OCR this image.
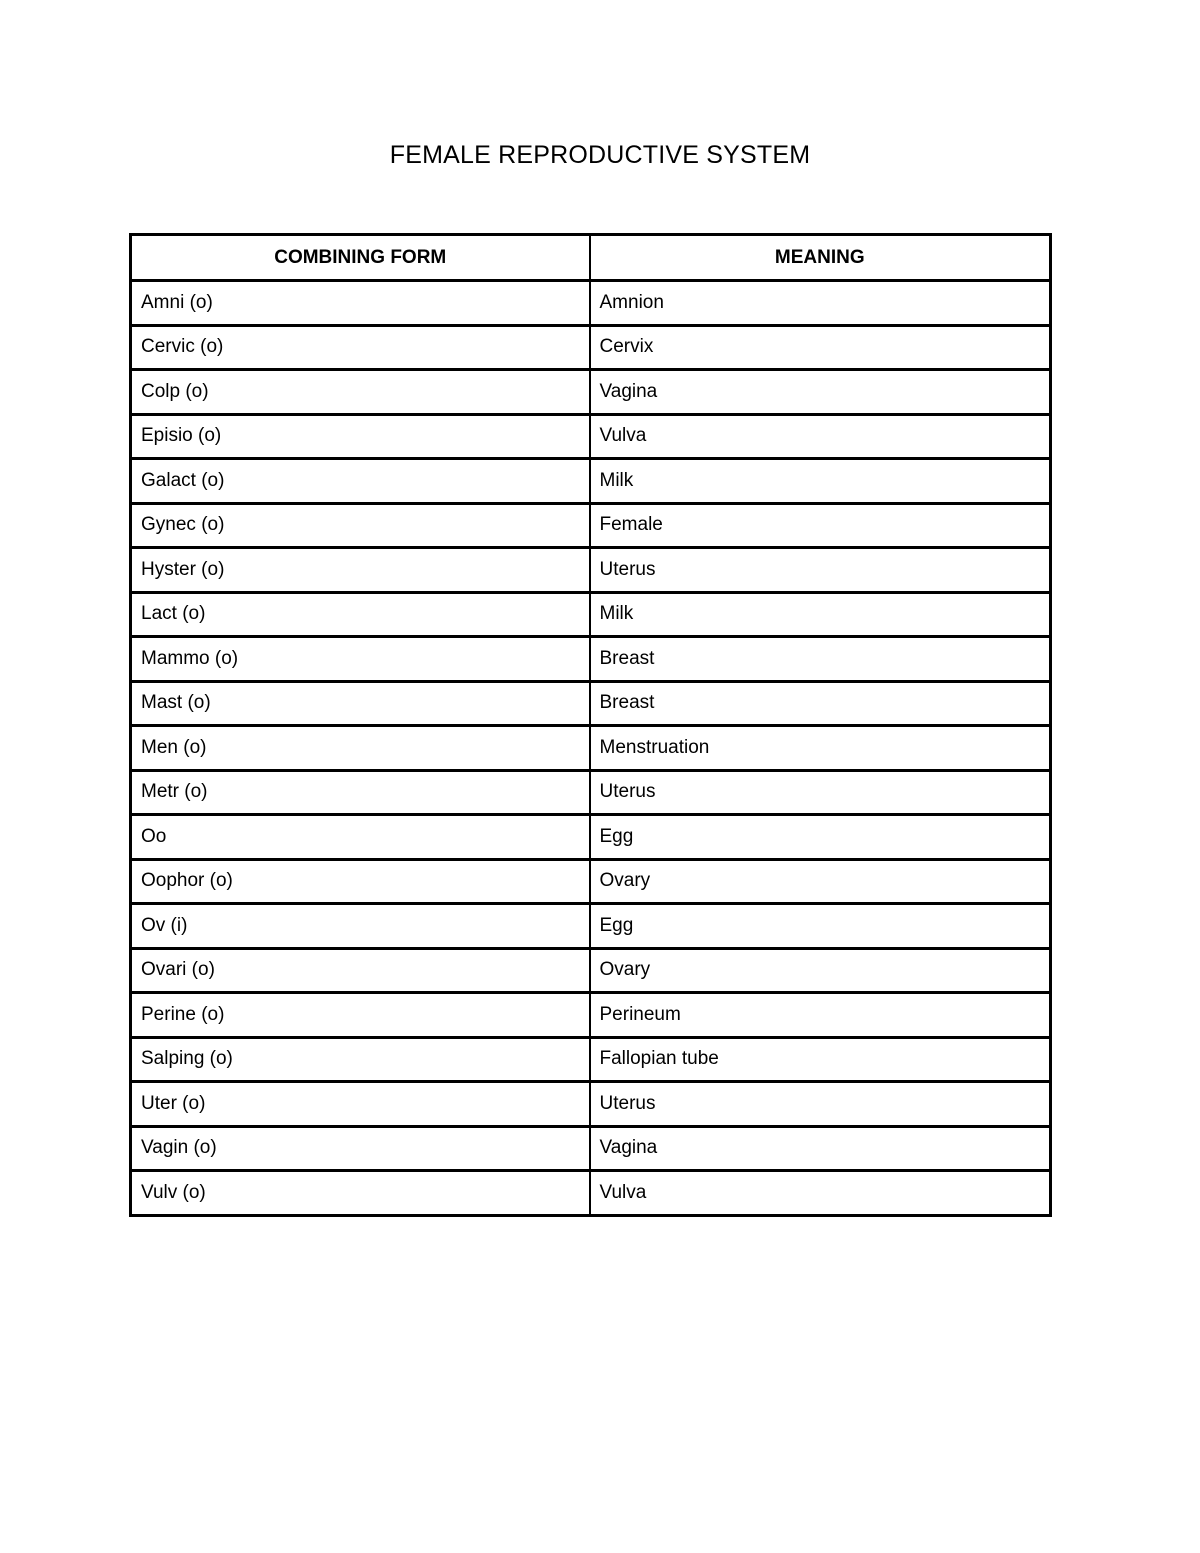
FEMALE REPRODUCTIVE SYSTEM
COMBINING FORM	MEANING
Amni (o)	Amnion
Cervic (o)	Cervix
Colp (o)	Vagina
Episio (o)	Vulva
Galact (o)	Milk
Gynec (o)	Female
Hyster (o)	Uterus
Lact (o)	Milk
Mammo (o)	Breast
Mast (o)	Breast
Men (o)	Menstruation
Metr (o)	Uterus
Oo	Egg
Oophor (o)	Ovary
Ov (i)	Egg
Ovari (o)	Ovary
Perine (o)	Perineum
Salping (o)	Fallopian tube
Uter (o)	Uterus
Vagin (o)	Vagina
Vulv (o)	Vulva
